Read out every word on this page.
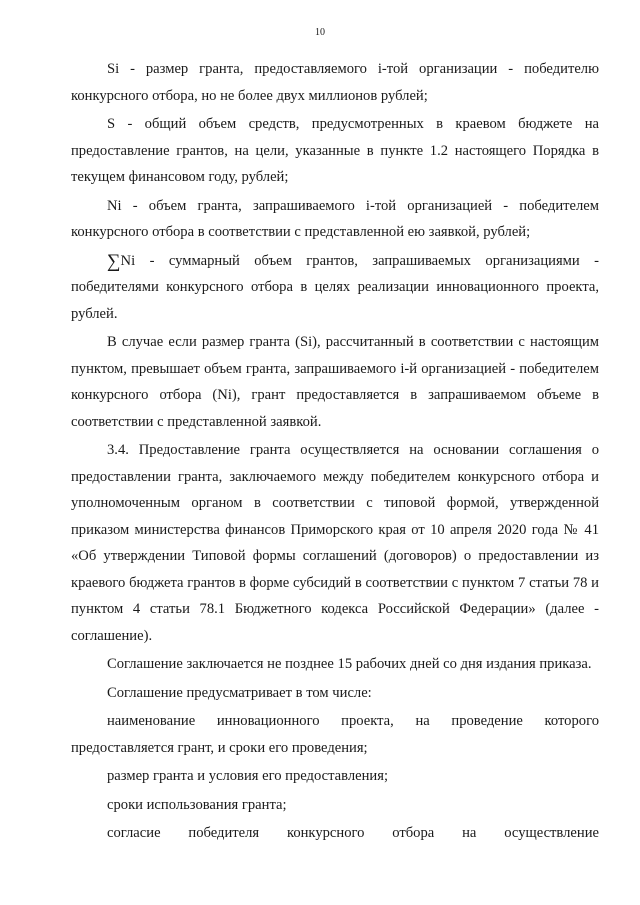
10

Si - размер гранта, предоставляемого i-той организации - победителю конкурсного отбора, но не более двух миллионов рублей;

S - общий объем средств, предусмотренных в краевом бюджете на предоставление грантов, на цели, указанные в пункте 1.2 настоящего Порядка в текущем финансовом году, рублей;

Ni - объем гранта, запрашиваемого i-той организацией - победителем конкурсного отбора в соответствии с представленной ею заявкой, рублей;

∑Ni - суммарный объем грантов, запрашиваемых организациями - победителями конкурсного отбора в целях реализации инновационного проекта, рублей.

В случае если размер гранта (Si), рассчитанный в соответствии с настоящим пунктом, превышает объем гранта, запрашиваемого i-й организацией - победителем конкурсного отбора (Ni), грант предоставляется в запрашиваемом объеме в соответствии с представленной заявкой.

3.4. Предоставление гранта осуществляется на основании соглашения о предоставлении гранта, заключаемого между победителем конкурсного отбора и уполномоченным органом в соответствии с типовой формой, утвержденной приказом министерства финансов Приморского края от 10 апреля 2020 года № 41 «Об утверждении Типовой формы соглашений (договоров) о предоставлении из краевого бюджета грантов в форме субсидий в соответствии с пунктом 7 статьи 78 и пунктом 4 статьи 78.1 Бюджетного кодекса Российской Федерации» (далее - соглашение).

Соглашение заключается не позднее 15 рабочих дней со дня издания приказа.

Соглашение предусматривает в том числе:

наименование инновационного проекта, на проведение которого предоставляется грант, и сроки его проведения;

размер гранта и условия его предоставления;

сроки использования гранта;

согласие победителя конкурсного отбора на осуществление
